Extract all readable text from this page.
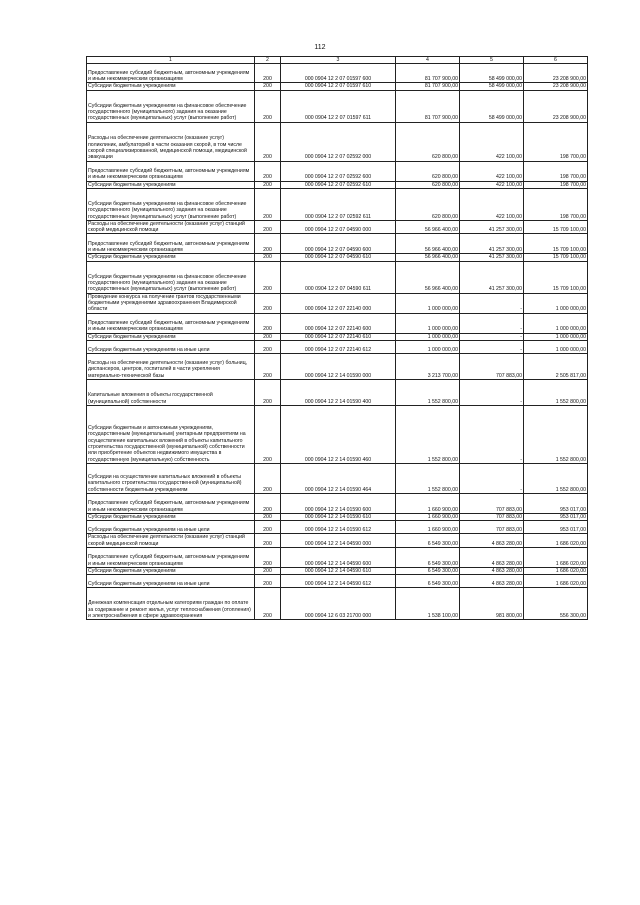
112
1	2	3	4	5	6
Предоставление субсидий бюджетным, автономным учреждениям и иным некоммерческим организациям	200	000 0904 12 2 07 01597 600	81 707 900,00	58 499 000,00	23 208 900,00
Субсидии бюджетным учреждениям	200	000 0904 12 2 07 01597 610	81 707 900,00	58 499 000,00	23 208 900,00
Субсидии бюджетным учреждениям на финансовое обеспечение государственного (муниципального) задания на оказание государственных (муниципальных) услуг (выполнение работ)	200	000 0904 12 2 07 01597 611	81 707 900,00	58 499 000,00	23 208 900,00
Расходы на обеспечение деятельности (оказание услуг) поликлиник, амбулаторий в части оказания скорой, в том числе скорой специализированной, медицинской помощи, медицинской эвакуации	200	000 0904 12 2 07 02592 000	620 800,00	422 100,00	198 700,00
Предоставление субсидий бюджетным, автономным учреждениям и иным некоммерческим организациям	200	000 0904 12 2 07 02592 600	620 800,00	422 100,00	198 700,00
Субсидии бюджетным учреждениям	200	000 0904 12 2 07 02592 610	620 800,00	422 100,00	198 700,00
Субсидии бюджетным учреждениям на финансовое обеспечение государственного (муниципального) задания на оказание государственных (муниципальных) услуг (выполнение работ)	200	000 0904 12 2 07 02592 611	620 800,00	422 100,00	198 700,00
Расходы на обеспечение деятельности (оказание услуг) станций скорой медицинской помощи	200	000 0904 12 2 07 04590 000	56 966 400,00	41 257 300,00	15 709 100,00
Предоставление субсидий бюджетным, автономным учреждениям и иным некоммерческим организациям	200	000 0904 12 2 07 04590 600	56 966 400,00	41 257 300,00	15 709 100,00
Субсидии бюджетным учреждениям	200	000 0904 12 2 07 04590 610	56 966 400,00	41 257 300,00	15 709 100,00
Субсидии бюджетным учреждениям на финансовое обеспечение государственного (муниципального) задания на оказание государственных (муниципальных) услуг (выполнение работ)	200	000 0904 12 2 07 04590 611	56 966 400,00	41 257 300,00	15 709 100,00
Проведение конкурса на получение грантов государственными бюджетными учреждениями здравоохранения Владимирской области	200	000 0904 12 2 07 22140 000	1 000 000,00	-	1 000 000,00
Предоставление субсидий бюджетным, автономным учреждениям и иным некоммерческим организациям	200	000 0904 12 2 07 22140 600	1 000 000,00	-	1 000 000,00
Субсидии бюджетным учреждениям	200	000 0904 12 2 07 22140 610	1 000 000,00	-	1 000 000,00
Субсидии бюджетным учреждениям на иные цели	200	000 0904 12 2 07 22140 612	1 000 000,00	-	1 000 000,00
Расходы на обеспечение деятельности (оказание услуг) больниц, диспансеров, центров, госпиталей в части укрепления материально-технической базы	200	000 0904 12 2 14 01590 000	3 213 700,00	707 883,00	2 505 817,00
Капитальные вложения в объекты государственной (муниципальной) собственности	200	000 0904 12 2 14 01590 400	1 552 800,00	-	1 552 800,00
Субсидии бюджетным и автономным учреждениям, государственным (муниципальным) унитарным предприятиям на осуществление капитальных вложений в объекты капитального строительства государственной (муниципальной) собственности или приобретение объектов недвижимого имущества в государственную (муниципальную) собственность	200	000 0904 12 2 14 01590 460	1 552 800,00	-	1 552 800,00
Субсидии на осуществление капитальных вложений в объекты капитального строительства государственной (муниципальной) собственности бюджетным учреждениям	200	000 0904 12 2 14 01590 464	1 552 800,00	-	1 552 800,00
Предоставление субсидий бюджетным, автономным учреждениям и иным некоммерческим организациям	200	000 0904 12 2 14 01590 600	1 660 900,00	707 883,00	953 017,00
Субсидии бюджетным учреждениям	200	000 0904 12 2 14 01590 610	1 660 900,00	707 883,00	953 017,00
Субсидии бюджетным учреждениям на иные цели	200	000 0904 12 2 14 01590 612	1 660 900,00	707 883,00	953 017,00
Расходы на обеспечение деятельности (оказание услуг) станций скорой медицинской помощи	200	000 0904 12 2 14 04590 000	6 549 300,00	4 863 280,00	1 686 020,00
Предоставление субсидий бюджетным, автономным учреждениям и иным некоммерческим организациям	200	000 0904 12 2 14 04590 600	6 549 300,00	4 863 280,00	1 686 020,00
Субсидии бюджетным учреждениям	200	000 0904 12 2 14 04590 610	6 549 300,00	4 863 280,00	1 686 020,00
Субсидии бюджетным учреждениям на иные цели	200	000 0904 12 2 14 04590 612	6 549 300,00	4 863 280,00	1 686 020,00
Денежная компенсация отдельным категориям граждан по оплате за содержание и ремонт жилья, услуг теплоснабжения (отопления) и электроснабжения в сфере здравоохранения	200	000 0904 12 6 03 21700 000	1 538 100,00	981 800,00	556 300,00
